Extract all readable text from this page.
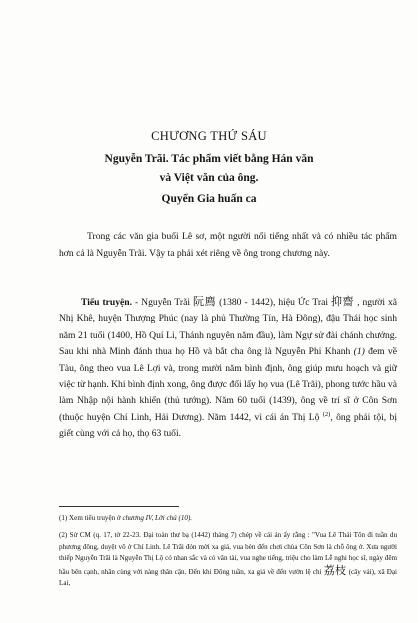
CHƯƠNG THỨ SÁU
Nguyễn Trãi. Tác phẩm viết bằng Hán văn
và Việt văn của ông.
Quyển Gia huấn ca
Trong các văn gia buổi Lê sơ, một người nổi tiếng nhất và có nhiều tác phẩm hơn cả là Nguyễn Trãi. Vậy ta phải xét riêng về ông trong chương này.
Tiểu truyện. - Nguyễn Trãi 阮廌 (1380 - 1442), hiệu Ức Trai 抑齋 , người xã Nhị Khê, huyện Thượng Phúc (nay là phủ Thường Tín, Hà Đông), đậu Thái học sinh năm 21 tuổi (1400, Hồ Quí Li, Thánh nguyên năm đầu), làm Ngự sử đài chánh chưởng. Sau khi nhà Minh đánh thua họ Hồ và bắt cha ông là Nguyễn Phi Khanh (1) đem về Tàu, ông theo vua Lê Lợi và, trong mười năm bình định, ông giúp mưu hoạch và giữ việc từ hạnh. Khi bình định xong, ông được đổi lấy họ vua (Lê Trãi), phong tước hầu và làm Nhập nội hành khiển (thủ tướng). Năm 60 tuổi (1439), ông về trí sĩ ở Côn Sơn (thuộc huyện Chí Linh, Hải Dương). Năm 1442, vì cái án Thị Lộ $^{(2)}$, ông phải tội, bị giết cùng với cả họ, thọ 63 tuổi.
(1) Xem tiểu truyện ở chương IV, Lời chú (10).
(2) Sử CM (q. 17, tờ 22-23. Đại toàn thư bạ (1442) tháng 7) chép về cái án ấy rằng : "Vua Lê Thái Tôn đi tuần du phương đông, duyệt võ ở Chí Linh. Lê Trãi đón mời xa giá, vua bèn đến chơi chùa Côn Sơn là chỗ ông ở. Xưa người thiếp Nguyễn Trãi là Nguyễn Thị Lộ có nhan sắc và có văn tài, vua nghe tiếng, triệu cho làm Lễ nghi học sĩ, ngày đêm hầu bên cạnh, nhân cùng với nàng thân cận. Đến khi Đông tuần, xa giá về đến vườn lệ chi 荔枝 (cây vải), xã Đại Lai,
